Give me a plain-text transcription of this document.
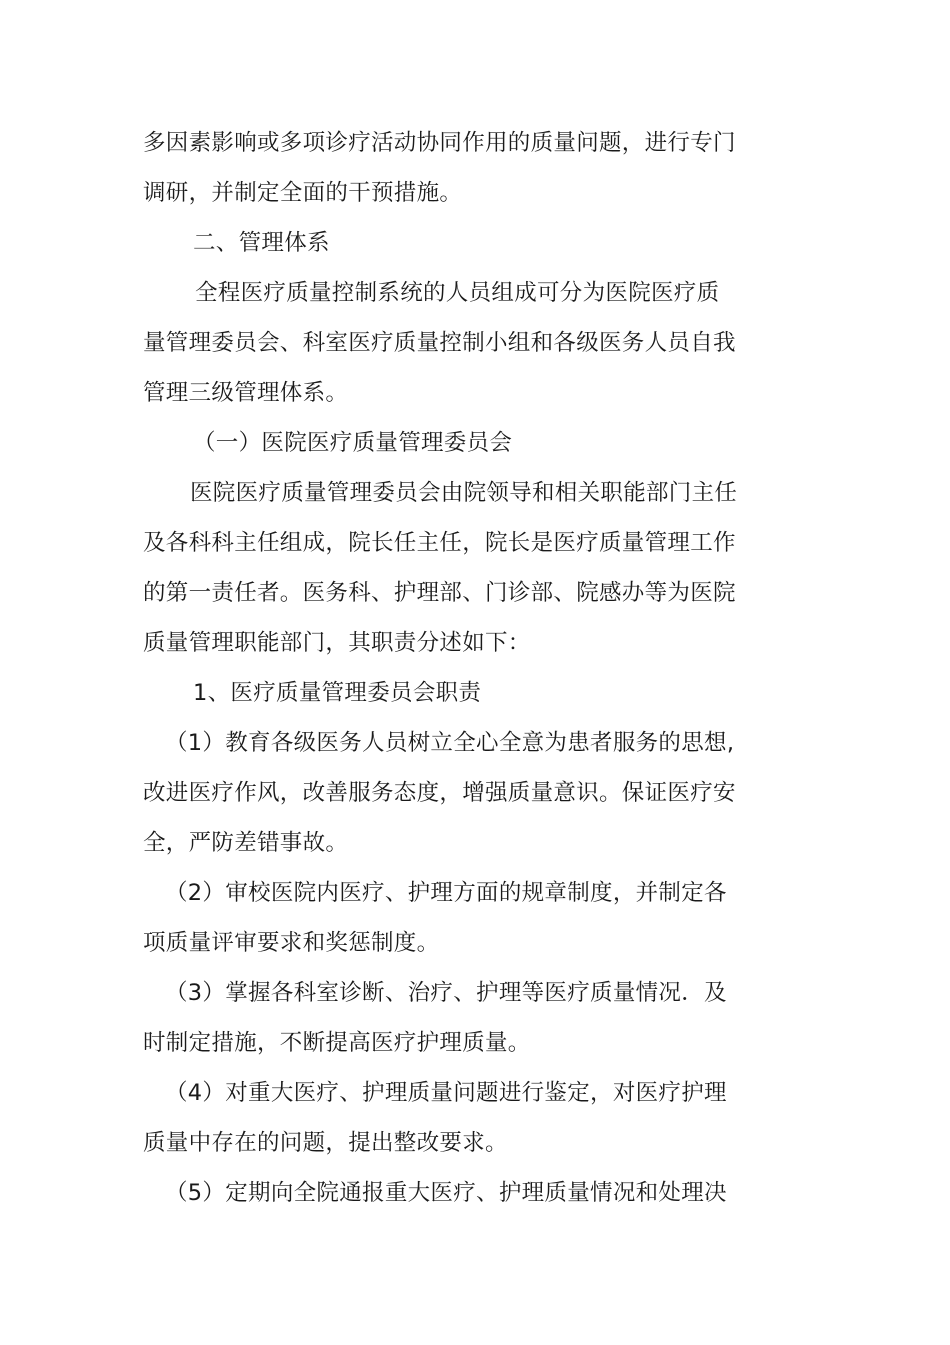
多因素影响或多项诊疗活动协同作用的质量问题，进行专门
调研，并制定全面的干预措施。
二、管理体系
全程医疗质量控制系统的人员组成可分为医院医疗质
量管理委员会、科室医疗质量控制小组和各级医务人员自我
管理三级管理体系。
（一）医院医疗质量管理委员会
医院医疗质量管理委员会由院领导和相关职能部门主任
及各科科主任组成，院长任主任，院长是医疗质量管理工作
的第一责任者。医务科、护理部、门诊部、院感办等为医院
质量管理职能部门，其职责分述如下：
1、医疗质量管理委员会职责
（1）教育各级医务人员树立全心全意为患者服务的思想,
改进医疗作风，改善服务态度，增强质量意识。保证医疗安
全，严防差错事故。
（2）审校医院内医疗、护理方面的规章制度，并制定各
项质量评审要求和奖惩制度。
（3）掌握各科室诊断、治疗、护理等医疗质量情况．及
时制定措施，不断提高医疗护理质量。
（4）对重大医疗、护理质量问题进行鉴定，对医疗护理
质量中存在的问题，提出整改要求。
（5）定期向全院通报重大医疗、护理质量情况和处理决
